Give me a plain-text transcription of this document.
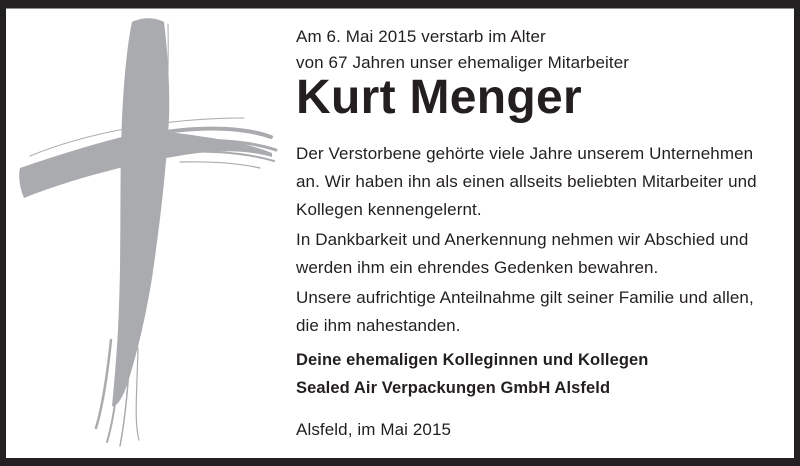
Am 6. Mai 2015 verstarb im Alter
von 67 Jahren unser ehemaliger Mitarbeiter

Kurt Menger

Der Verstorbene gehörte viele Jahre unserem Unternehmen
an. Wir haben ihn als einen allseits beliebten Mitarbeiter und
Kollegen kennengelernt.

In Dankbarkeit und Anerkennung nehmen wir Abschied und
werden ihm ein ehrendes Gedenken bewahren.

Unsere aufrichtige Anteilnahme gilt seiner Familie und allen,
die ihm nahestanden.

Deine ehemaligen Kolleginnen und Kollegen
Sealed Air Verpackungen GmbH Alsfeld

Alsfeld, im Mai 2015
